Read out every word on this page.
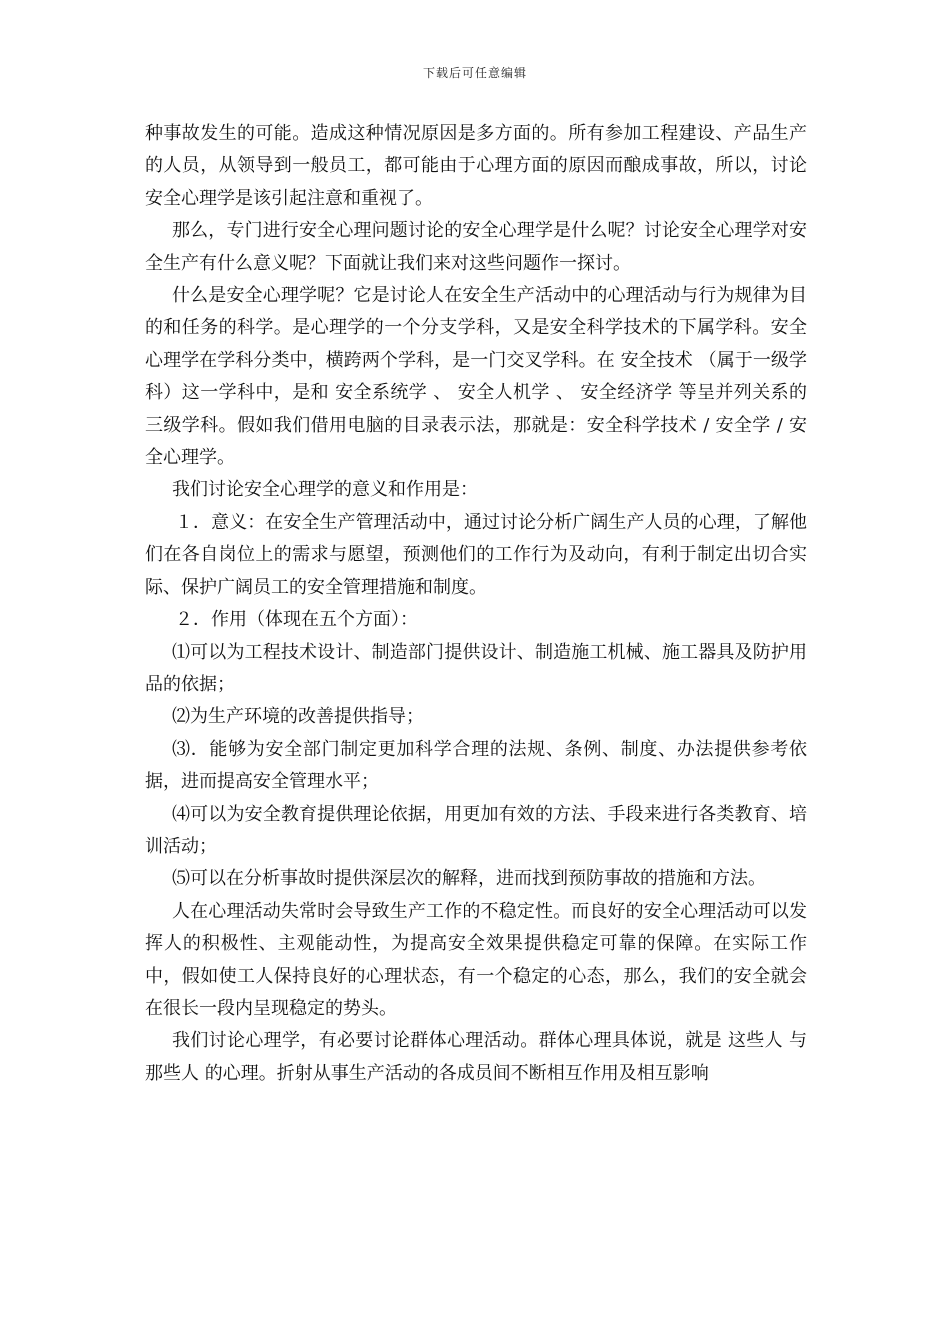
下载后可任意编辑

种事故发生的可能。造成这种情况原因是多方面的。所有参加工程建设、产品生产的人员，从领导到一般员工，都可能由于心理方面的原因而酿成事故，所以，讨论安全心理学是该引起注意和重视了。

那么，专门进行安全心理问题讨论的安全心理学是什么呢？讨论安全心理学对安全生产有什么意义呢？下面就让我们来对这些问题作一探讨。

什么是安全心理学呢？它是讨论人在安全生产活动中的心理活动与行为规律为目的和任务的科学。是心理学的一个分支学科，又是安全科学技术的下属学科。安全心理学在学科分类中，横跨两个学科，是一门交叉学科。在 安全技术 （属于一级学科）这一学科中，是和 安全系统学 、 安全人机学 、 安全经济学 等呈并列关系的三级学科。假如我们借用电脑的目录表示法，那就是：安全科学技术 / 安全学 / 安全心理学。

我们讨论安全心理学的意义和作用是：

１．意义：在安全生产管理活动中，通过讨论分析广阔生产人员的心理，了解他们在各自岗位上的需求与愿望，预测他们的工作行为及动向，有利于制定出切合实际、保护广阔员工的安全管理措施和制度。

２．作用（体现在五个方面）：

⑴可以为工程技术设计、制造部门提供设计、制造施工机械、施工器具及防护用品的依据；

⑵为生产环境的改善提供指导；

⑶．能够为安全部门制定更加科学合理的法规、条例、制度、办法提供参考依据，进而提高安全管理水平；

⑷可以为安全教育提供理论依据，用更加有效的方法、手段来进行各类教育、培训活动；

⑸可以在分析事故时提供深层次的解释，进而找到预防事故的措施和方法。

人在心理活动失常时会导致生产工作的不稳定性。而良好的安全心理活动可以发挥人的积极性、主观能动性，为提高安全效果提供稳定可靠的保障。在实际工作中，假如使工人保持良好的心理状态，有一个稳定的心态，那么，我们的安全就会在很长一段内呈现稳定的势头。

我们讨论心理学，有必要讨论群体心理活动。群体心理具体说，就是 这些人 与 那些人 的心理。折射从事生产活动的各成员间不断相互作用及相互影响
